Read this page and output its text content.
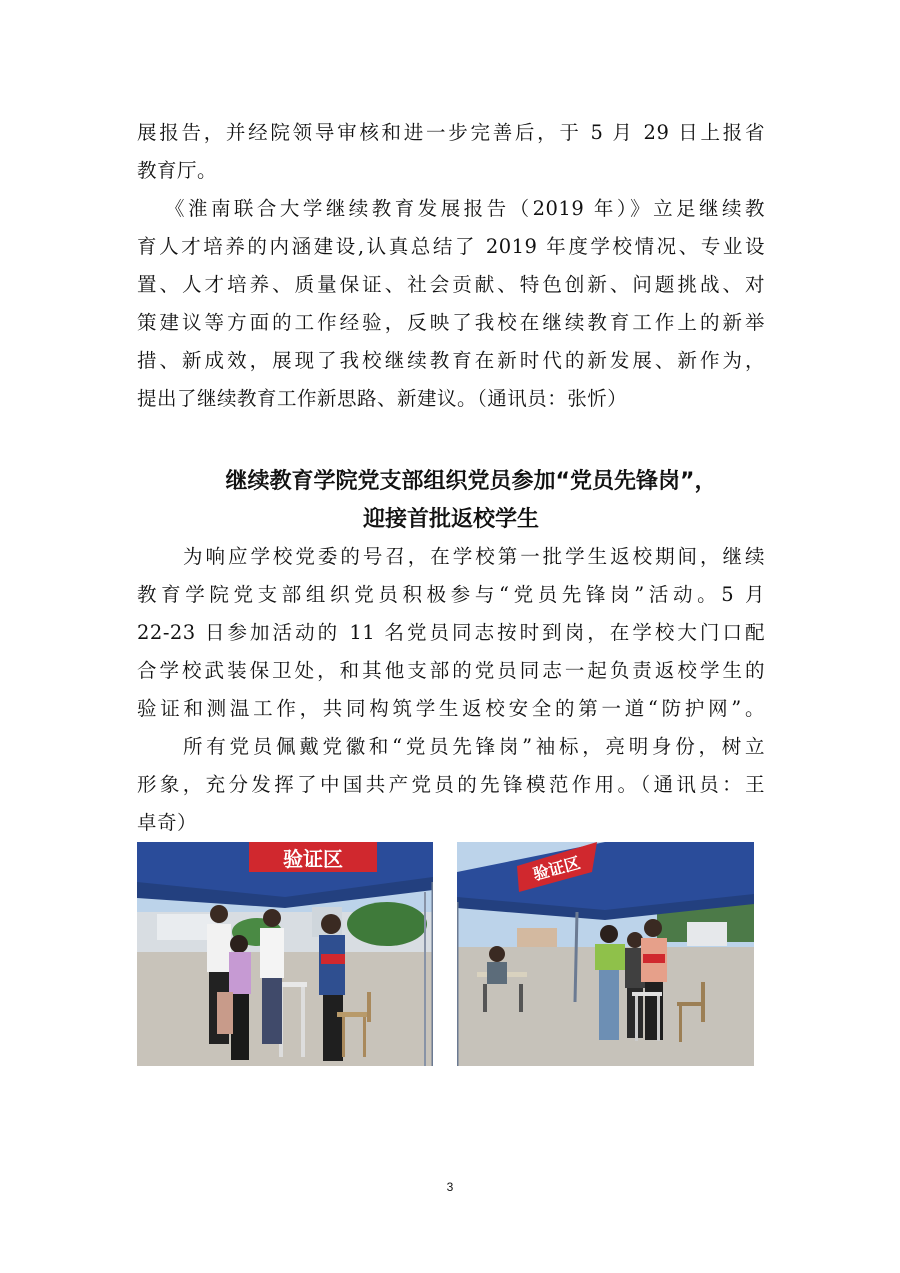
展报告，并经院领导审核和进一步完善后，于 5 月 29 日上报省
教育厅。
《淮南联合大学继续教育发展报告（2019 年）》立足继续教
育人才培养的内涵建设,认真总结了 2019 年度学校情况、专业设
置、人才培养、质量保证、社会贡献、特色创新、问题挑战、对
策建议等方面的工作经验，反映了我校在继续教育工作上的新举
措、新成效，展现了我校继续教育在新时代的新发展、新作为，
提出了继续教育工作新思路、新建议。（通讯员：张忻）
继续教育学院党支部组织党员参加“党员先锋岗”，
迎接首批返校学生
为响应学校党委的号召，在学校第一批学生返校期间，继续
教育学院党支部组织党员积极参与“党员先锋岗”活动。5 月
22-23 日参加活动的 11 名党员同志按时到岗，在学校大门口配
合学校武装保卫处，和其他支部的党员同志一起负责返校学生的
验证和测温工作，共同构筑学生返校安全的第一道“防护网”。
所有党员佩戴党徽和“党员先锋岗”袖标，亮明身份，树立
形象，充分发挥了中国共产党员的先锋模范作用。（通讯员：王
卓奇）
验证区	验证区
3
